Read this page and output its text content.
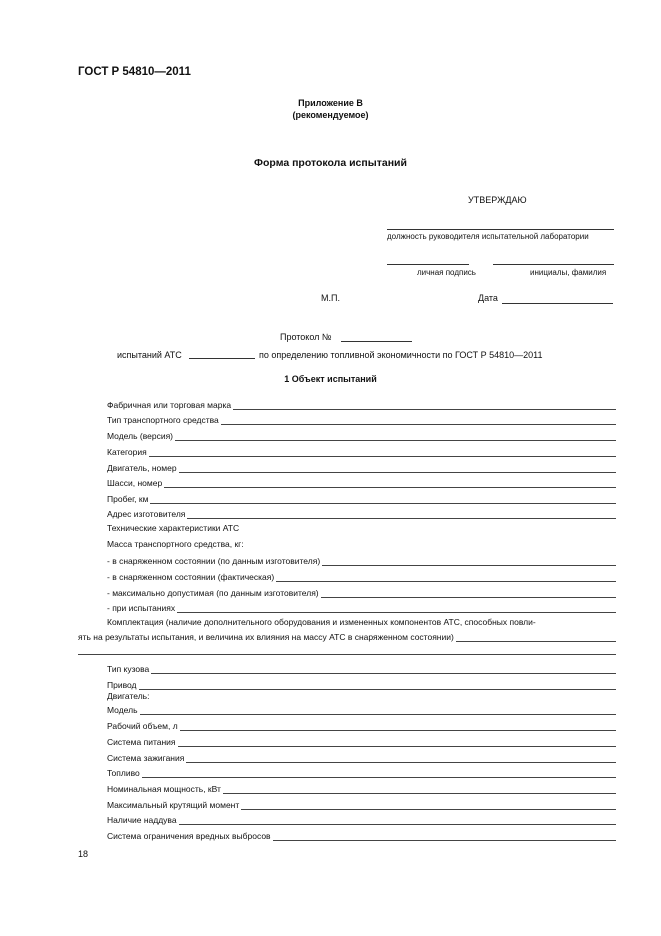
ГОСТ Р 54810—2011
Приложение В
(рекомендуемое)
Форма протокола испытаний
УТВЕРЖДАЮ
должность руководителя испытательной лаборатории
личная подпись	инициалы, фамилия
М.П.	Дата
Протокол №
испытаний АТС	по определению топливной экономичности по ГОСТ Р 54810—2011
1 Объект испытаний
Фабричная или торговая марка
Тип транспортного средства
Модель (версия)
Категория
Двигатель, номер
Шасси, номер
Пробег, км
Адрес изготовителя
Технические характеристики АТС
Масса транспортного средства, кг:
- в снаряженном состоянии (по данным изготовителя)
- в снаряженном состоянии (фактическая)
- максимально допустимая (по данным изготовителя)
- при испытаниях
Комплектация (наличие дополнительного оборудования и измененных компонентов АТС, способных повли-
ять на результаты испытания, и величина их влияния на массу АТС в снаряженном состоянии)
Тип кузова
Привод
Двигатель:
Модель
Рабочий объем, л
Система питания
Система зажигания
Топливо
Номинальная мощность, кВт
Максимальный крутящий момент
Наличие наддува
Система ограничения вредных выбросов
18
